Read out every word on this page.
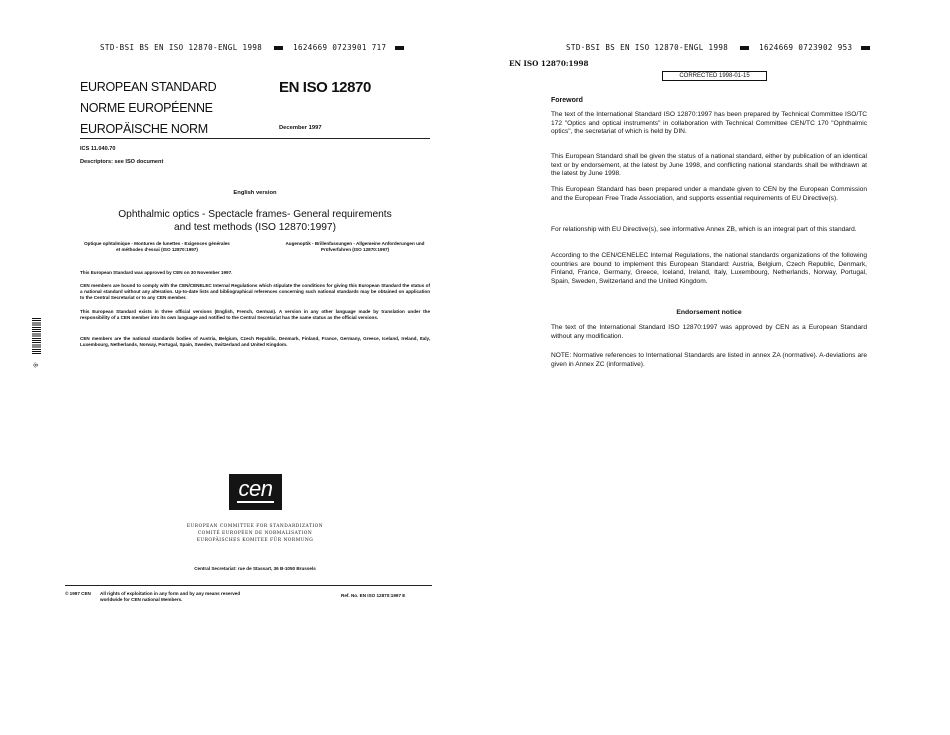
STD·BSI BS EN ISO 12870-ENGL 1998	1624669 0723901 717
EUROPEAN STANDARD
NORME EUROPÉENNE
EUROPÄISCHE NORM
EN ISO 12870
December 1997
ICS 11.040.70
Descriptors: see ISO document
English version
Ophthalmic optics - Spectacle frames- General requirements
and test methods (ISO 12870:1997)
Optique ophtalmique - Montures de lunettes - Exigences générales et méthodes d'essai (ISO 12870:1997)
Augenoptik - Brillenfassungen - Allgemeine Anforderungen und Prüfverfahren (ISO 12870:1997)
This European Standard was approved by CEN on 30 November 1997.
CEN members are bound to comply with the CEN/CENELEC Internal Regulations which stipulate the conditions for giving this European Standard the status of a national standard without any alteration. Up-to-date lists and bibliographical references concerning such national standards may be obtained on application to the Central Secretariat or to any CEN member.
This European Standard exists in three official versions (English, French, German). A version in any other language made by translation under the responsibility of a CEN member into its own language and notified to the Central Secretariat has the same status as the official versions.
CEN members are the national standards bodies of Austria, Belgium, Czech Republic, Denmark, Finland, France, Germany, Greece, Iceland, Ireland, Italy, Luxembourg, Netherlands, Norway, Portugal, Spain, Sweden, Switzerland and United Kingdom.
·8·
cen
EUROPEAN COMMITTEE FOR STANDARDIZATION
COMITÉ EUROPÉEN DE NORMALISATION
EUROPÄISCHES KOMITEE FÜR NORMUNG
Central Secretariat: rue de Stassart, 36 B-1050 Brussels
© 1997 CEN All rights of exploitation in any form and by any means reserved
worldwide for CEN national Members.
Ref. No. EN ISO 12870:1997 E
STD·BSI BS EN ISO 12870-ENGL 1998	1624669 0723902 953
EN ISO 12870:1998
CORRECTED 1998-01-15
Foreword
The text of the International Standard ISO 12870:1997 has been prepared by Technical Committee ISO/TC 172 "Optics and optical instruments" in collaboration with Technical Committee CEN/TC 170 "Ophthalmic optics", the secretariat of which is held by DIN.
This European Standard shall be given the status of a national standard, either by publication of an identical text or by endorsement, at the latest by June 1998, and conflicting national standards shall be withdrawn at the latest by June 1998.
This European Standard has been prepared under a mandate given to CEN by the European Commission and the European Free Trade Association, and supports essential requirements of EU Directive(s).
For relationship with EU Directive(s), see informative Annex ZB, which is an integral part of this standard.
According to the CEN/CENELEC Internal Regulations, the national standards organizations of the following countries are bound to implement this European Standard: Austria, Belgium, Czech Republic, Denmark, Finland, France, Germany, Greece, Iceland, Ireland, Italy, Luxembourg, Netherlands, Norway, Portugal, Spain, Sweden, Switzerland and the United Kingdom.
Endorsement notice
The text of the International Standard ISO 12870:1997 was approved by CEN as a European Standard without any modification.
NOTE: Normative references to International Standards are listed in annex ZA (normative). A-deviations are given in Annex ZC (informative).
